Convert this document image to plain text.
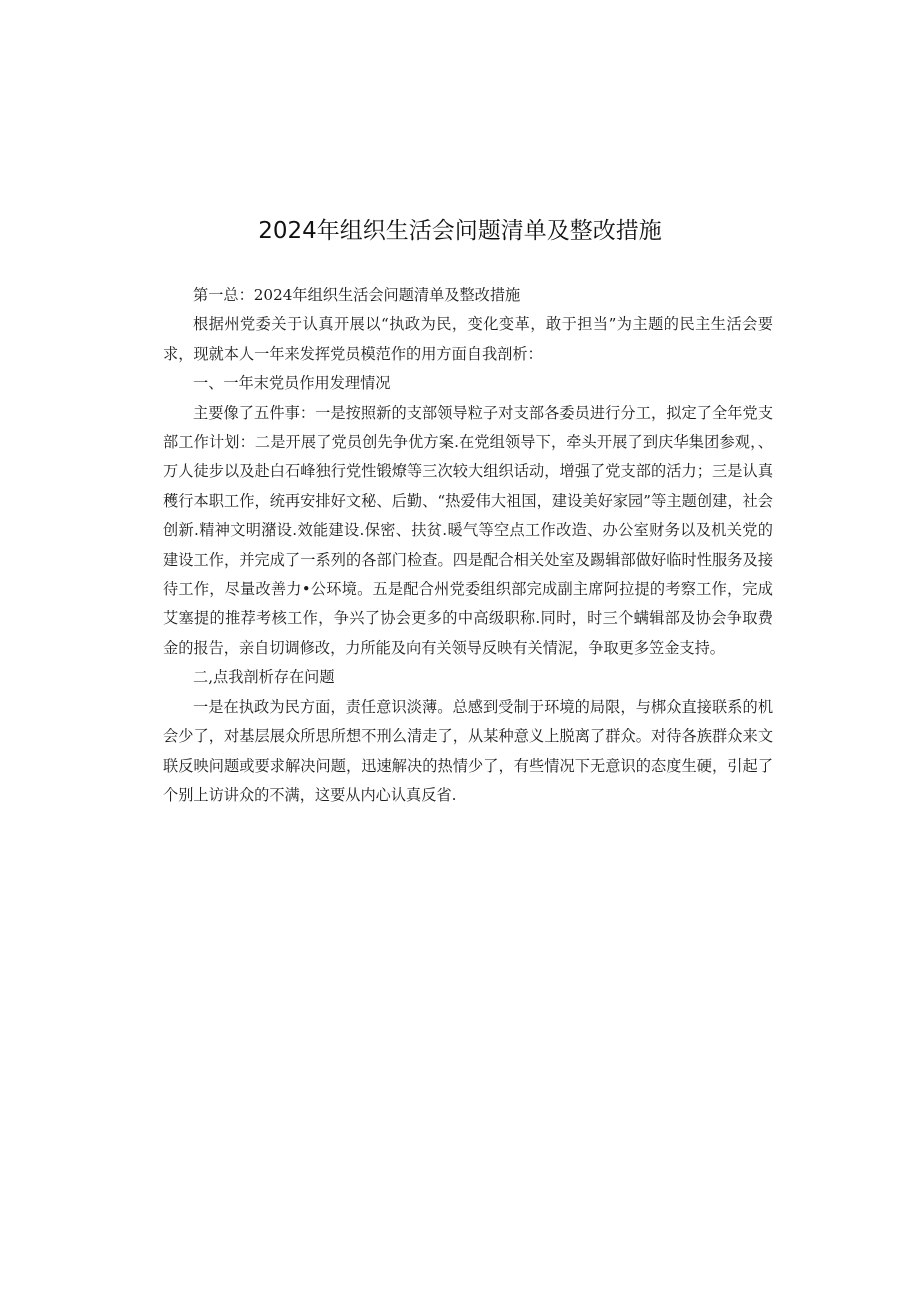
2024年组织生活会问题清单及整改措施

第一总：2024年组织生活会问题清单及整改措施

根据州党委关于认真开展以“执政为民，变化变革，敢于担当”为主题的民主生活会要求，现就本人一年来发挥党员模范作的用方面自我剖析：

一、一年末党员作用发理情况

主要像了五件事：一是按照新的支部领导粒子对支部各委员进行分工，拟定了全年党支部工作计划：二是开展了党员创先争优方案.在党组领导下，牵头开展了到庆华集团参观，、万人徒步以及赴白石峰独行党性锻燎等三次较大组织话动，增强了党支部的活力；三是认真穫行本职工作，统再安排好文秘、后勤、“热爱伟大祖国，建设美好家园”等主题创建，社会创新.精神文明潴设.效能建设.保密、扶贫.暖气等空点工作改造、办公室财务以及机关党的建设工作，并完成了一系列的各部门检查。四是配合相关处室及踢辑部做好临时性服务及接待工作，尽量改善力•公环境。五是配合州党委组织部完成副主席阿拉提的考察工作，完成艾塞提的推荐考核工作，争兴了协会更多的中高级职称.同时，时三个螨辑部及协会争取费金的报告，亲自切调修改，力所能及向有关领导反映有关情泥，争取更多笠金支持。

二,点我剖析存在问题

一是在执政为民方面，责任意识淡薄。总感到受制于环境的局限，与梆众直接联系的机会少了，对基层展众所思所想不刑么清走了，从某种意义上脱离了群众。对待各族群众来文联反映问题或要求解决问题，迅速解决的热情少了，有些情况下无意识的态度生硬，引起了个别上访讲众的不满，这要从内心认真反省.
